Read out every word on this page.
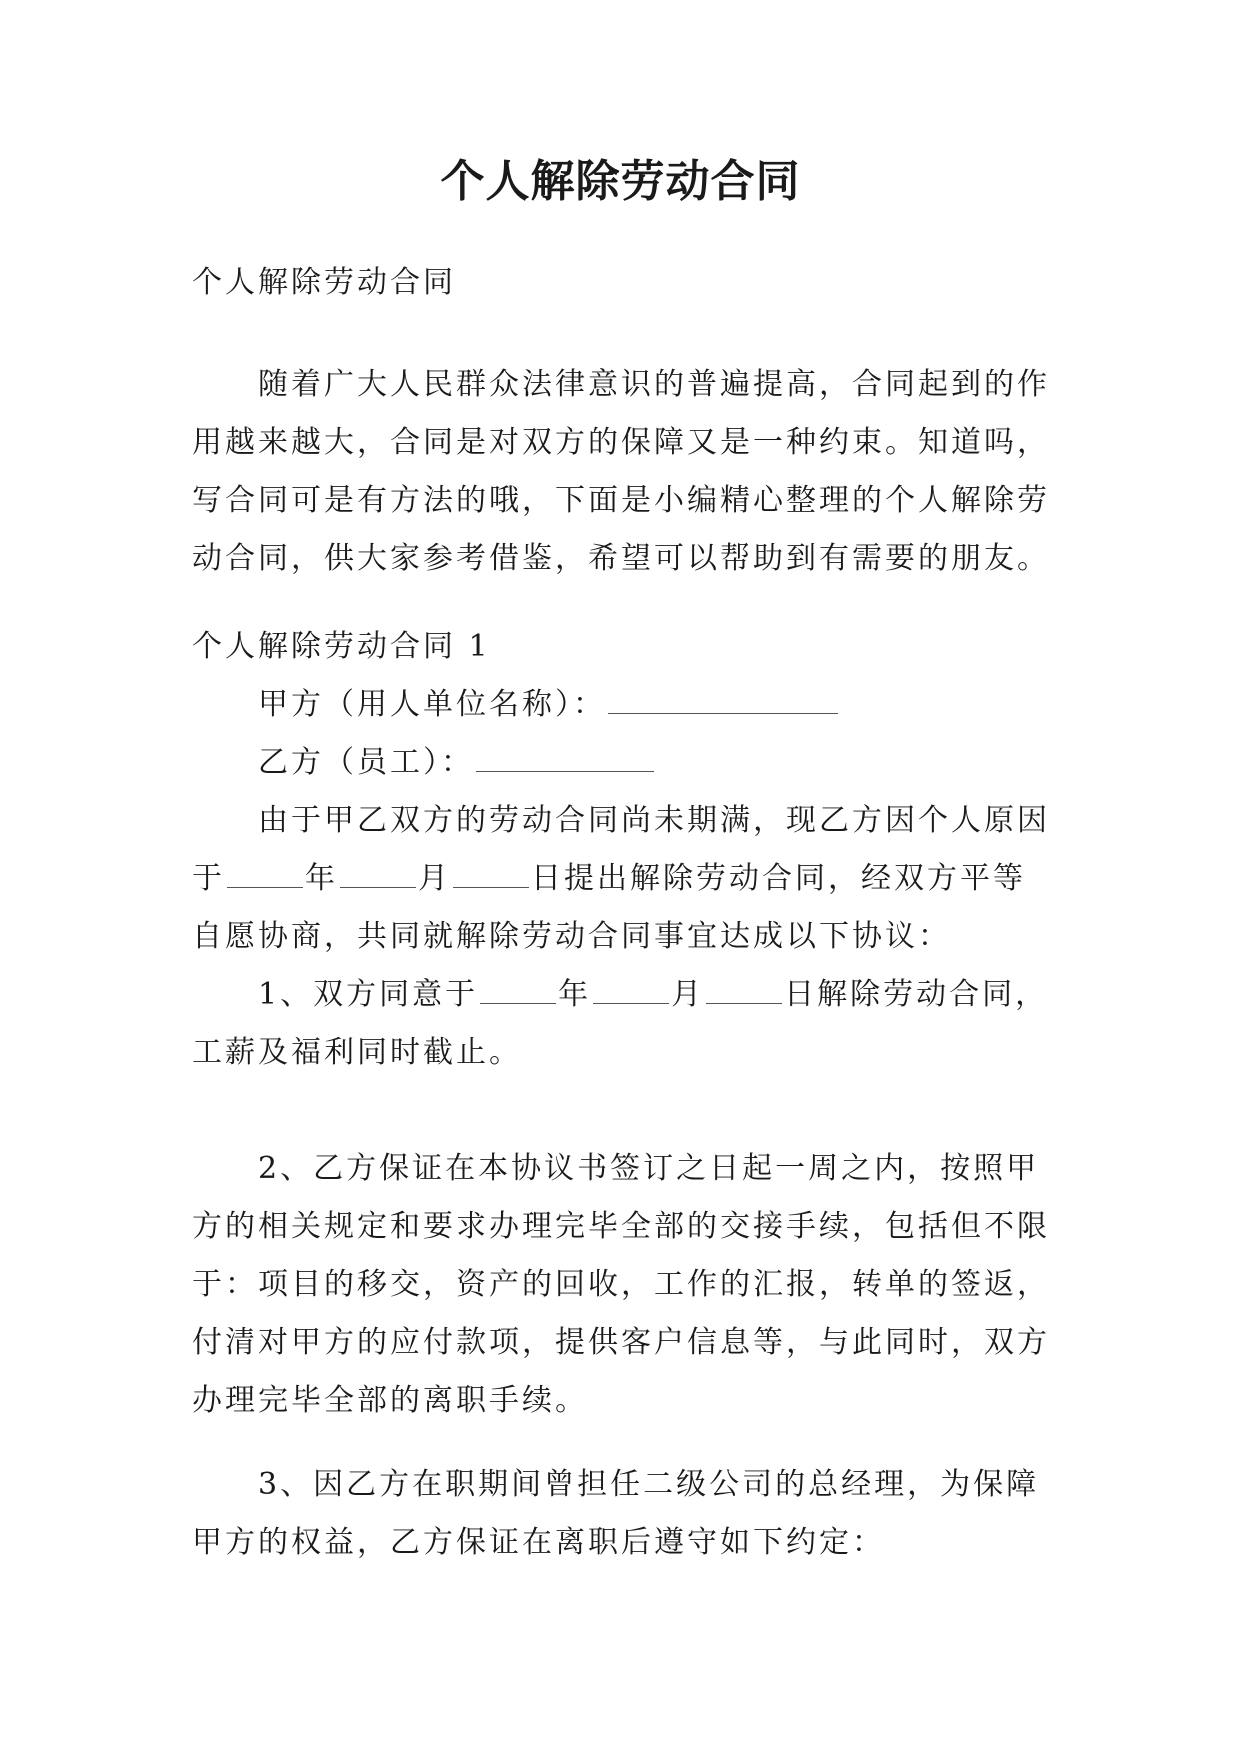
个人解除劳动合同
个人解除劳动合同
随着广大人民群众法律意识的普遍提高，合同起到的作
用越来越大，合同是对双方的保障又是一种约束。知道吗，
写合同可是有方法的哦，下面是小编精心整理的个人解除劳
动合同，供大家参考借鉴，希望可以帮助到有需要的朋友。
个人解除劳动合同 1
甲方（用人单位名称）：
乙方（员工）：
由于甲乙双方的劳动合同尚未期满，现乙方因个人原因
于	年	月	日提出解除劳动合同，经双方平等
自愿协商，共同就解除劳动合同事宜达成以下协议：
1、双方同意于	年	月	日解除劳动合同，
工薪及福利同时截止。
2、乙方保证在本协议书签订之日起一周之内，按照甲
方的相关规定和要求办理完毕全部的交接手续，包括但不限
于：项目的移交，资产的回收，工作的汇报，转单的签返，
付清对甲方的应付款项，提供客户信息等，与此同时，双方
办理完毕全部的离职手续。
3、因乙方在职期间曾担任二级公司的总经理，为保障
甲方的权益，乙方保证在离职后遵守如下约定：
